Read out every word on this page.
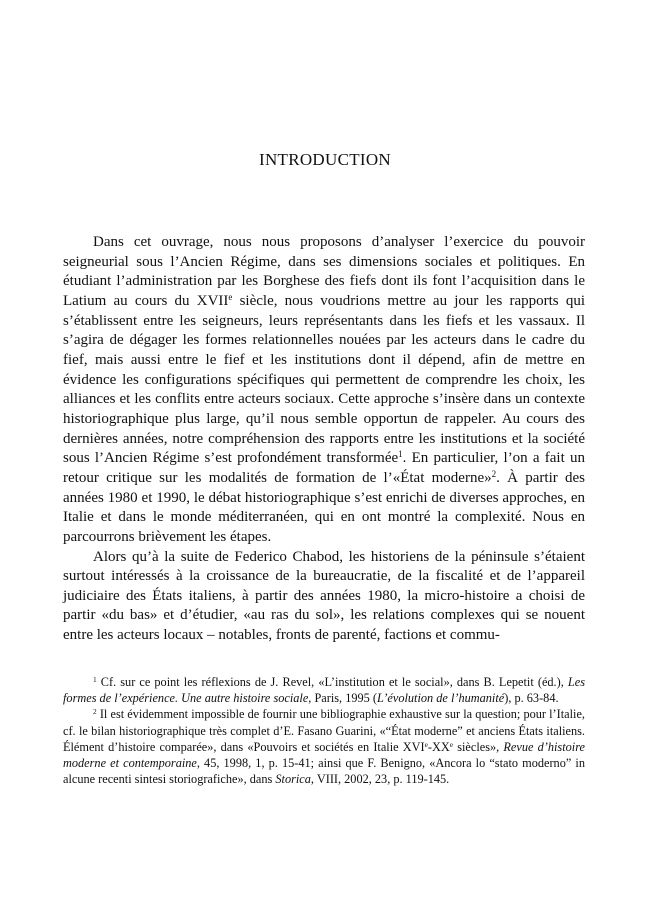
INTRODUCTION

Dans cet ouvrage, nous nous proposons d’analyser l’exercice du pouvoir seigneurial sous l’Ancien Régime, dans ses dimensions sociales et politiques. En étudiant l’administration par les Borghese des fiefs dont ils font l’acquisition dans le Latium au cours du XVIIe siècle, nous voudrions mettre au jour les rapports qui s’établissent entre les seigneurs, leurs représentants dans les fiefs et les vassaux. Il s’agira de dégager les formes relationnelles nouées par les acteurs dans le cadre du fief, mais aussi entre le fief et les institutions dont il dépend, afin de mettre en évidence les configurations spécifiques qui permettent de comprendre les choix, les alliances et les conflits entre acteurs sociaux. Cette approche s’insère dans un contexte historiographique plus large, qu’il nous semble opportun de rappeler. Au cours des dernières années, notre compréhension des rapports entre les institutions et la société sous l’Ancien Régime s’est profondément transformée$^1$. En particulier, l’on a fait un retour critique sur les modalités de formation de l’«État moderne»$^2$. À partir des années 1980 et 1990, le débat historiographique s’est enrichi de diverses approches, en Italie et dans le monde méditerranéen, qui en ont montré la complexité. Nous en parcourrons brièvement les étapes.

Alors qu’à la suite de Federico Chabod, les historiens de la péninsule s’étaient surtout intéressés à la croissance de la bureaucratie, de la fiscalité et de l’appareil judiciaire des États italiens, à partir des années 1980, la micro-histoire a choisi de partir «du bas» et d’étudier, «au ras du sol», les relations complexes qui se nouent entre les acteurs locaux – notables, fronts de parenté, factions et commu-

$^1$ Cf. sur ce point les réflexions de J. Revel, «L’institution et le social», dans B. Lepetit (éd.), Les formes de l’expérience. Une autre histoire sociale, Paris, 1995 (L’évolution de l’humanité), p. 63-84.

$^2$ Il est évidemment impossible de fournir une bibliographie exhaustive sur la question; pour l’Italie, cf. le bilan historiographique très complet d’E. Fasano Guarini, «“État moderne” et anciens États italiens. Élément d’histoire comparée», dans «Pouvoirs et sociétés en Italie XVIe-XXe siècles», Revue d’histoire moderne et contemporaine, 45, 1998, 1, p. 15-41; ainsi que F. Benigno, «Ancora lo “stato moderno” in alcune recenti sintesi storiografiche», dans Storica, VIII, 2002, 23, p. 119-145.
